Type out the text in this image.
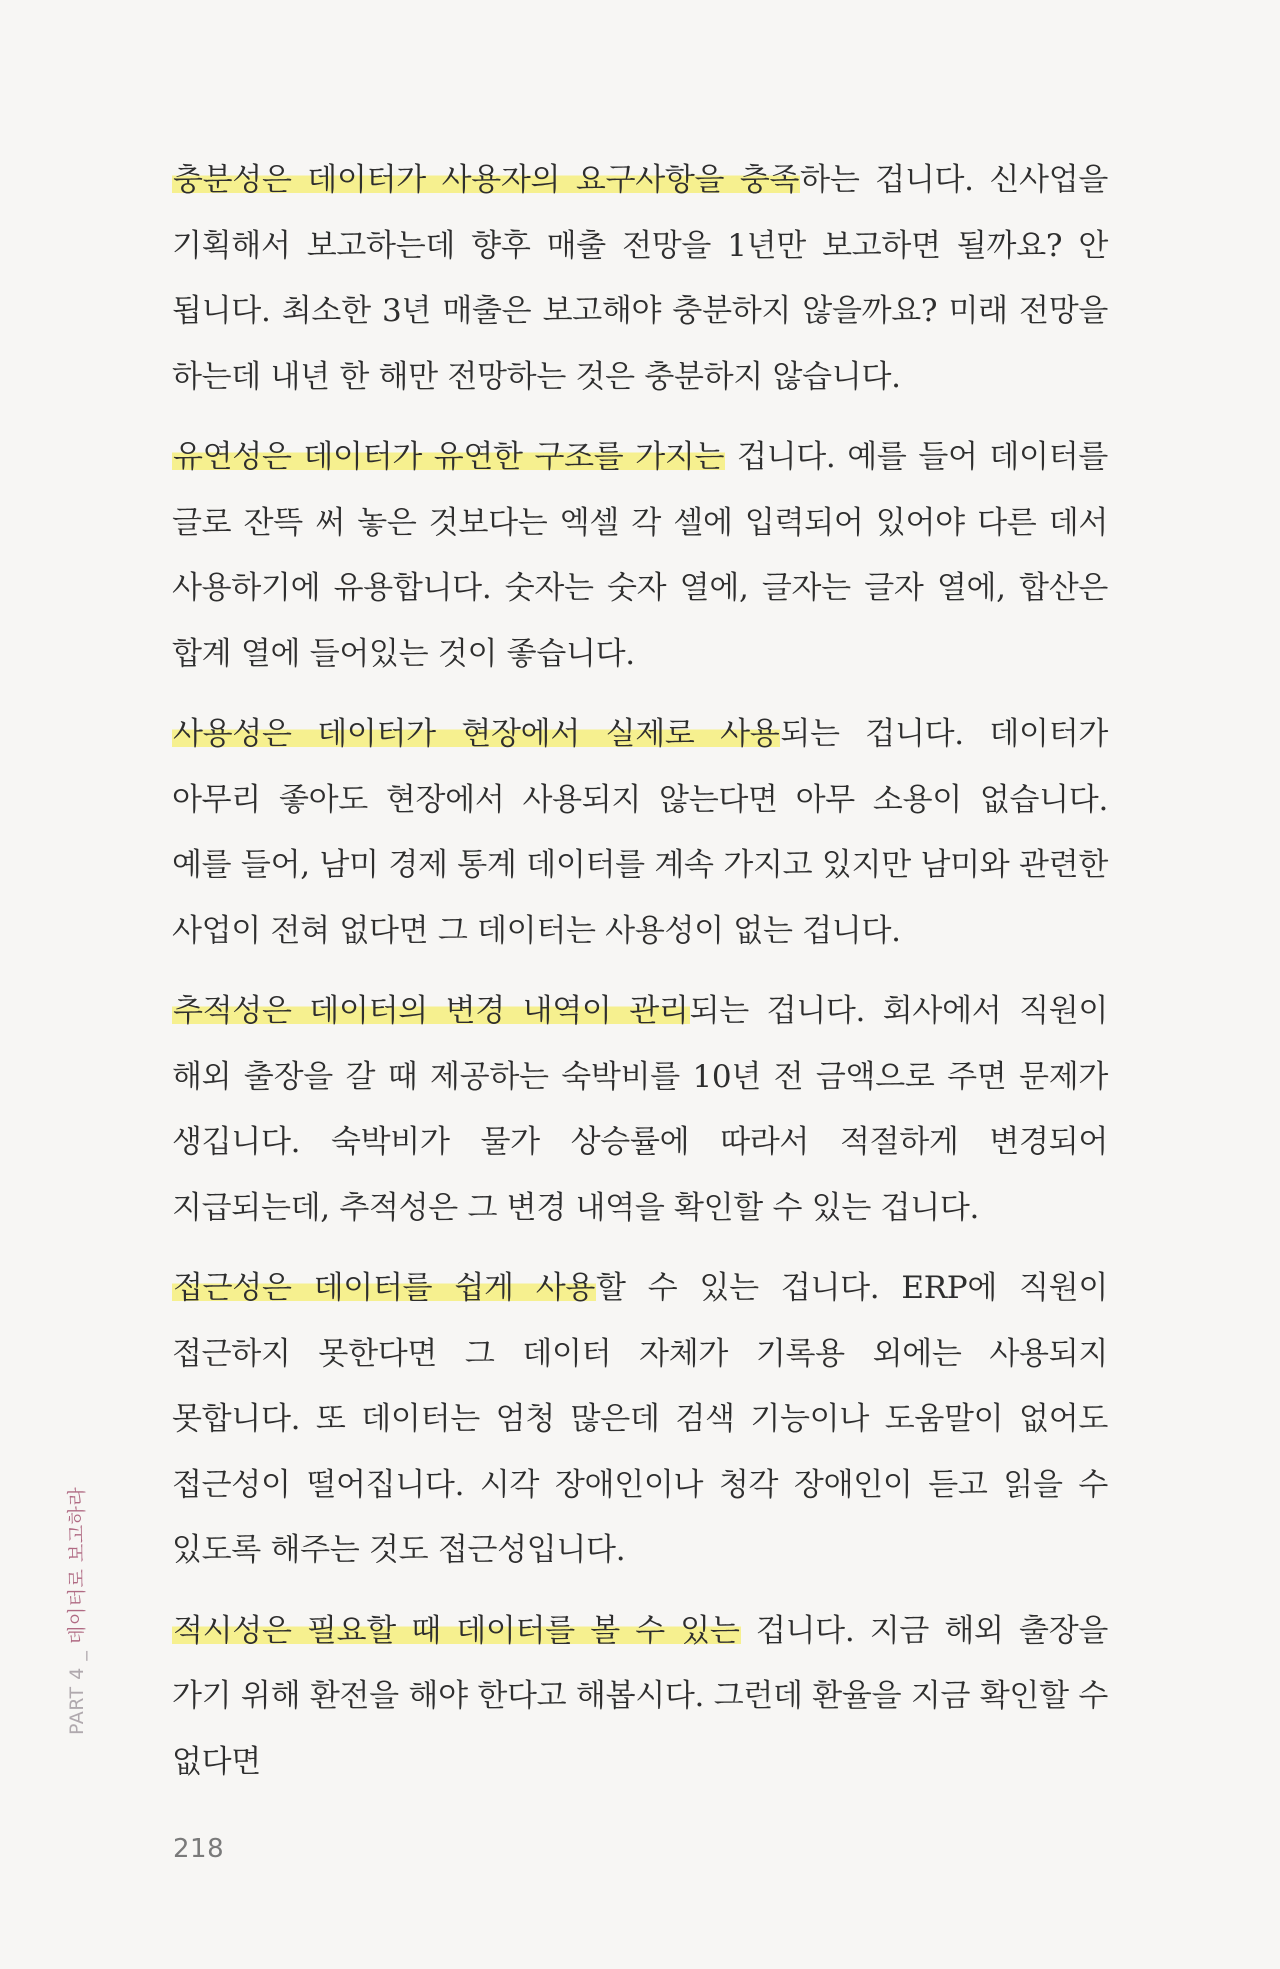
충분성은 데이터가 사용자의 요구사항을 충족하는 겁니다. 신사업을 기획해서 보고하는데 향후 매출 전망을 1년만 보고하면 될까요? 안 됩니다. 최소한 3년 매출은 보고해야 충분하지 않을까요? 미래 전망을 하는데 내년 한 해만 전망하는 것은 충분하지 않습니다.

유연성은 데이터가 유연한 구조를 가지는 겁니다. 예를 들어 데이터를 글로 잔뜩 써 놓은 것보다는 엑셀 각 셀에 입력되어 있어야 다른 데서 사용하기에 유용합니다. 숫자는 숫자 열에, 글자는 글자 열에, 합산은 합계 열에 들어있는 것이 좋습니다.

사용성은 데이터가 현장에서 실제로 사용되는 겁니다. 데이터가 아무리 좋아도 현장에서 사용되지 않는다면 아무 소용이 없습니다. 예를 들어, 남미 경제 통계 데이터를 계속 가지고 있지만 남미와 관련한 사업이 전혀 없다면 그 데이터는 사용성이 없는 겁니다.

추적성은 데이터의 변경 내역이 관리되는 겁니다. 회사에서 직원이 해외 출장을 갈 때 제공하는 숙박비를 10년 전 금액으로 주면 문제가 생깁니다. 숙박비가 물가 상승률에 따라서 적절하게 변경되어 지급되는데, 추적성은 그 변경 내역을 확인할 수 있는 겁니다.

접근성은 데이터를 쉽게 사용할 수 있는 겁니다. ERP에 직원이 접근하지 못한다면 그 데이터 자체가 기록용 외에는 사용되지 못합니다. 또 데이터는 엄청 많은데 검색 기능이나 도움말이 없어도 접근성이 떨어집니다. 시각 장애인이나 청각 장애인이 듣고 읽을 수 있도록 해주는 것도 접근성입니다.

적시성은 필요할 때 데이터를 볼 수 있는 겁니다. 지금 해외 출장을 가기 위해 환전을 해야 한다고 해봅시다. 그런데 환율을 지금 확인할 수 없다면

PART 4 _ 데이터로 보고하라
218
